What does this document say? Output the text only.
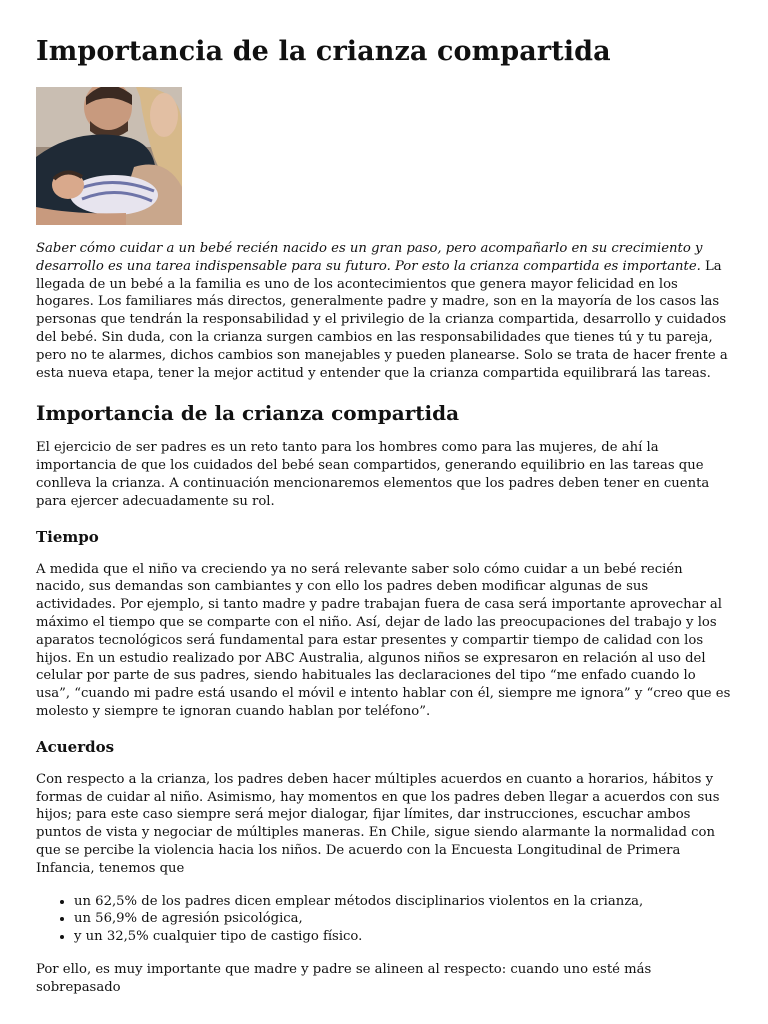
Importancia de la crianza compartida

Saber cómo cuidar a un bebé recién nacido es un gran paso, pero acompañarlo en su crecimiento y desarrollo es una tarea indispensable para su futuro. Por esto la crianza compartida es importante. La llegada de un bebé a la familia es uno de los acontecimientos que genera mayor felicidad en los hogares. Los familiares más directos, generalmente padre y madre, son en la mayoría de los casos las personas que tendrán la responsabilidad y el privilegio de la crianza compartida, desarrollo y cuidados del bebé. Sin duda, con la crianza surgen cambios en las responsabilidades que tienes tú y tu pareja, pero no te alarmes, dichos cambios son manejables y pueden planearse. Solo se trata de hacer frente a esta nueva etapa, tener la mejor actitud y entender que la crianza compartida equilibrará las tareas.

Importancia de la crianza compartida

El ejercicio de ser padres es un reto tanto para los hombres como para las mujeres, de ahí la importancia de que los cuidados del bebé sean compartidos, generando equilibrio en las tareas que conlleva la crianza. A continuación mencionaremos elementos que los padres deben tener en cuenta para ejercer adecuadamente su rol.

Tiempo

A medida que el niño va creciendo ya no será relevante saber solo cómo cuidar a un bebé recién nacido, sus demandas son cambiantes y con ello los padres deben modificar algunas de sus actividades. Por ejemplo, si tanto madre y padre trabajan fuera de casa será importante aprovechar al máximo el tiempo que se comparte con el niño. Así, dejar de lado las preocupaciones del trabajo y los aparatos tecnológicos será fundamental para estar presentes y compartir tiempo de calidad con los hijos. En un estudio realizado por ABC Australia, algunos niños se expresaron en relación al uso del celular por parte de sus padres, siendo habituales las declaraciones del tipo “me enfado cuando lo usa”, “cuando mi padre está usando el móvil e intento hablar con él, siempre me ignora” y “creo que es molesto y siempre te ignoran cuando hablan por teléfono”.

Acuerdos

Con respecto a la crianza, los padres deben hacer múltiples acuerdos en cuanto a horarios, hábitos y formas de cuidar al niño. Asimismo, hay momentos en que los padres deben llegar a acuerdos con sus hijos; para este caso siempre será mejor dialogar, fijar límites, dar instrucciones, escuchar ambos puntos de vista y negociar de múltiples maneras. En Chile, sigue siendo alarmante la normalidad con que se percibe la violencia hacia los niños. De acuerdo con la Encuesta Longitudinal de Primera Infancia, tenemos que

• un 62,5% de los padres dicen emplear métodos disciplinarios violentos en la crianza,
• un 56,9% de agresión psicológica,
• y un 32,5% cualquier tipo de castigo físico.

Por ello, es muy importante que madre y padre se alineen al respecto: cuando uno esté más sobrepasado
